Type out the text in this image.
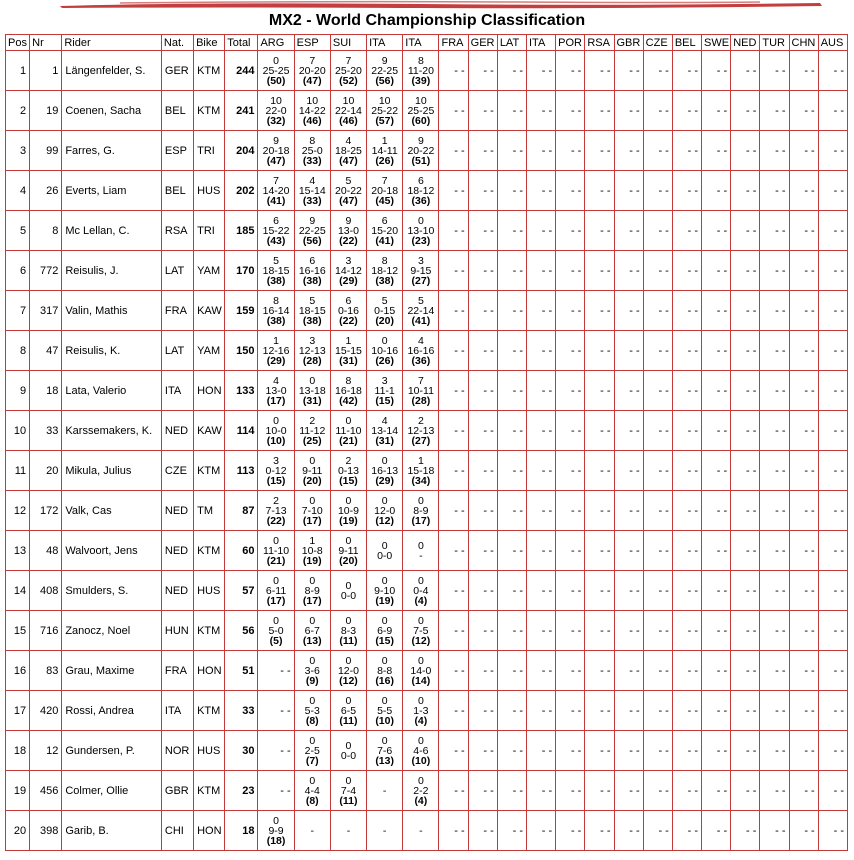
MX2 - World Championship Classification
Pos	Nr	Rider	Nat.	Bike	Total	ARG	ESP	SUI	ITA	ITA	FRA	GER	LAT	ITA	POR	RSA	GBR	CZE	BEL	SWE	NED	TUR	CHN	AUS
1	1	Längenfelder, S.	GER	KTM	244	0
25-25
(50)	7
20-20
(47)	7
25-20
(52)	9
22-25
(56)	8
11-20
(39)	- -	- -	- -	- -	- -	- -	- -	- -	- -	- -	- -	- -	- -	- -
2	19	Coenen, Sacha	BEL	KTM	241	10
22-0
(32)	10
14-22
(46)	10
22-14
(46)	10
25-22
(57)	10
25-25
(60)	- -	- -	- -	- -	- -	- -	- -	- -	- -	- -	- -	- -	- -	- -
3	99	Farres, G.	ESP	TRI	204	9
20-18
(47)	8
25-0
(33)	4
18-25
(47)	1
14-11
(26)	9
20-22
(51)	- -	- -	- -	- -	- -	- -	- -	- -	- -	- -	- -	- -	- -	- -
4	26	Everts, Liam	BEL	HUS	202	7
14-20
(41)	4
15-14
(33)	5
20-22
(47)	7
20-18
(45)	6
18-12
(36)	- -	- -	- -	- -	- -	- -	- -	- -	- -	- -	- -	- -	- -	- -
5	8	Mc Lellan, C.	RSA	TRI	185	6
15-22
(43)	9
22-25
(56)	9
13-0
(22)	6
15-20
(41)	0
13-10
(23)	- -	- -	- -	- -	- -	- -	- -	- -	- -	- -	- -	- -	- -	- -
6	772	Reisulis, J.	LAT	YAM	170	5
18-15
(38)	6
16-16
(38)	3
14-12
(29)	8
18-12
(38)	3
9-15
(27)	- -	- -	- -	- -	- -	- -	- -	- -	- -	- -	- -	- -	- -	- -
7	317	Valin, Mathis	FRA	KAW	159	8
16-14
(38)	5
18-15
(38)	6
0-16
(22)	5
0-15
(20)	5
22-14
(41)	- -	- -	- -	- -	- -	- -	- -	- -	- -	- -	- -	- -	- -	- -
8	47	Reisulis, K.	LAT	YAM	150	1
12-16
(29)	3
12-13
(28)	1
15-15
(31)	0
10-16
(26)	4
16-16
(36)	- -	- -	- -	- -	- -	- -	- -	- -	- -	- -	- -	- -	- -	- -
9	18	Lata, Valerio	ITA	HON	133	4
13-0
(17)	0
13-18
(31)	8
16-18
(42)	3
11-1
(15)	7
10-11
(28)	- -	- -	- -	- -	- -	- -	- -	- -	- -	- -	- -	- -	- -	- -
10	33	Karssemakers, K.	NED	KAW	114	0
10-0
(10)	2
11-12
(25)	0
11-10
(21)	4
13-14
(31)	2
12-13
(27)	- -	- -	- -	- -	- -	- -	- -	- -	- -	- -	- -	- -	- -	- -
11	20	Mikula, Julius	CZE	KTM	113	3
0-12
(15)	0
9-11
(20)	2
0-13
(15)	0
16-13
(29)	1
15-18
(34)	- -	- -	- -	- -	- -	- -	- -	- -	- -	- -	- -	- -	- -	- -
12	172	Valk, Cas	NED	TM	87	2
7-13
(22)	0
7-10
(17)	0
10-9
(19)	0
12-0
(12)	0
8-9
(17)	- -	- -	- -	- -	- -	- -	- -	- -	- -	- -	- -	- -	- -	- -
13	48	Walvoort, Jens	NED	KTM	60	0
11-10
(21)	1
10-8
(19)	0
9-11
(20)	0
0-0	0
-	- -	- -	- -	- -	- -	- -	- -	- -	- -	- -	- -	- -	- -	- -
14	408	Smulders, S.	NED	HUS	57	0
6-11
(17)	0
8-9
(17)	0
0-0	0
9-10
(19)	0
0-4
(4)	- -	- -	- -	- -	- -	- -	- -	- -	- -	- -	- -	- -	- -	- -
15	716	Zanocz, Noel	HUN	KTM	56	0
5-0
(5)	0
6-7
(13)	0
8-3
(11)	0
6-9
(15)	0
7-5
(12)	- -	- -	- -	- -	- -	- -	- -	- -	- -	- -	- -	- -	- -	- -
16	83	Grau, Maxime	FRA	HON	51	- -	0
3-6
(9)	0
12-0
(12)	0
8-8
(16)	0
14-0
(14)	- -	- -	- -	- -	- -	- -	- -	- -	- -	- -	- -	- -	- -	- -
17	420	Rossi, Andrea	ITA	KTM	33	- -	0
5-3
(8)	0
6-5
(11)	0
5-5
(10)	0
1-3
(4)	- -	- -	- -	- -	- -	- -	- -	- -	- -	- -	- -	- -	- -	- -
18	12	Gundersen, P.	NOR	HUS	30	- -	0
2-5
(7)	0
0-0	0
7-6
(13)	0
4-6
(10)	- -	- -	- -	- -	- -	- -	- -	- -	- -	- -	- -	- -	- -	- -
19	456	Colmer, Ollie	GBR	KTM	23	- -	0
4-4
(8)	0
7-4
(11)	-	0
2-2
(4)	- -	- -	- -	- -	- -	- -	- -	- -	- -	- -	- -	- -	- -	- -
20	398	Garib, B.	CHI	HON	18	0
9-9
(18)	-	-	-	-	- -	- -	- -	- -	- -	- -	- -	- -	- -	- -	- -	- -	- -	- -
